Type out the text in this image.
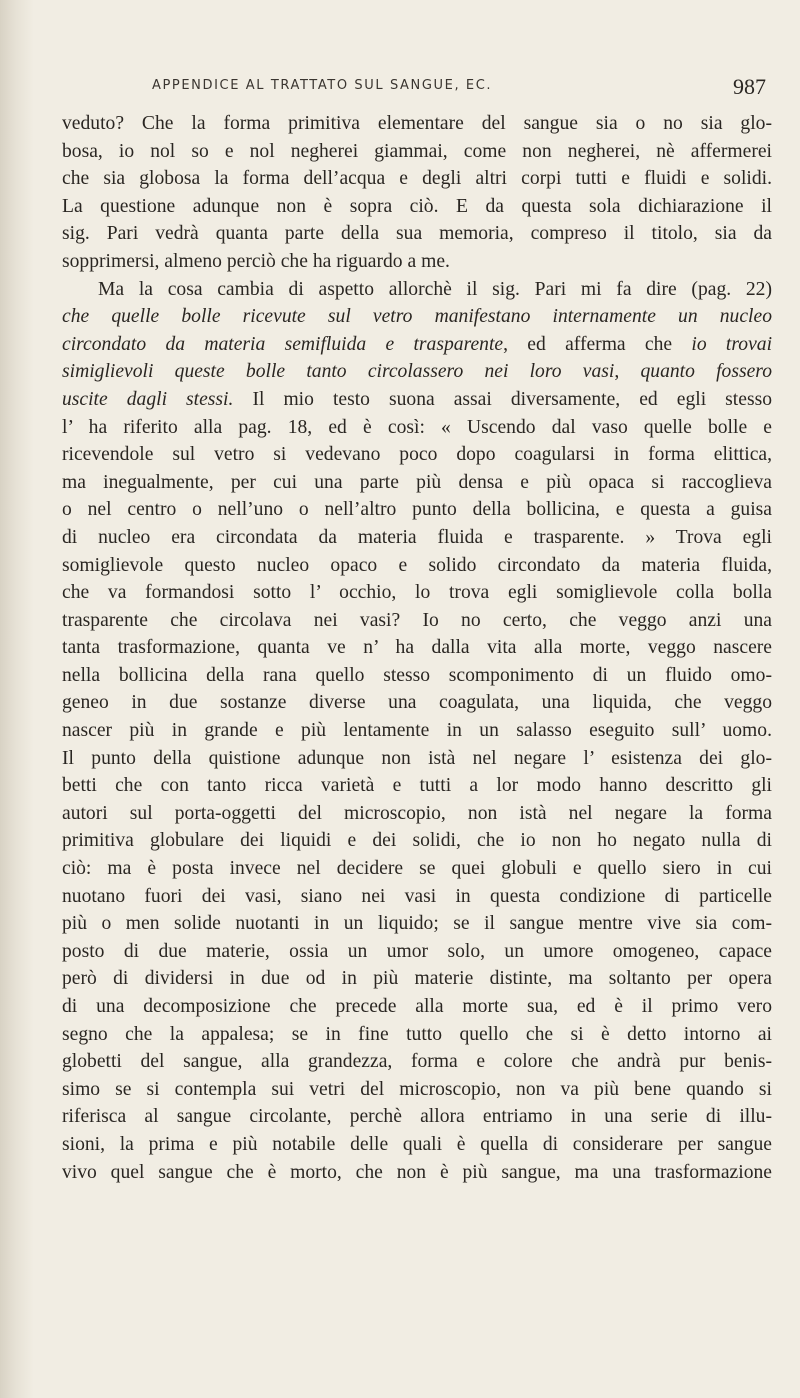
APPENDICE AL TRATTATO SUL SANGUE, EC.	987
veduto? Che la forma primitiva elementare del sangue sia o no sia glo-
bosa, io nol so e nol negherei giammai, come non negherei, nè affermerei
che sia globosa la forma dell’acqua e degli altri corpi tutti e fluidi e solidi.
La questione adunque non è sopra ciò. E da questa sola dichiarazione il
sig. Pari vedrà quanta parte della sua memoria, compreso il titolo, sia da
sopprimersi, almeno perciò che ha riguardo a me.
Ma la cosa cambia di aspetto allorchè il sig. Pari mi fa dire (pag. 22)
che quelle bolle ricevute sul vetro manifestano internamente un nucleo
circondato da materia semifluida e trasparente, ed afferma che io trovai
simiglievoli queste bolle tanto circolassero nei loro vasi, quanto fossero
uscite dagli stessi. Il mio testo suona assai diversamente, ed egli stesso
l’ ha riferito alla pag. 18, ed è così: « Uscendo dal vaso quelle bolle e
ricevendole sul vetro si vedevano poco dopo coagularsi in forma elittica,
ma inegualmente, per cui una parte più densa e più opaca si raccoglieva
o nel centro o nell’uno o nell’altro punto della bollicina, e questa a guisa
di nucleo era circondata da materia fluida e trasparente. » Trova egli
somiglievole questo nucleo opaco e solido circondato da materia fluida,
che va formandosi sotto l’ occhio, lo trova egli somiglievole colla bolla
trasparente che circolava nei vasi? Io no certo, che veggo anzi una
tanta trasformazione, quanta ve n’ ha dalla vita alla morte, veggo nascere
nella bollicina della rana quello stesso scomponimento di un fluido omo-
geneo in due sostanze diverse una coagulata, una liquida, che veggo
nascer più in grande e più lentamente in un salasso eseguito sull’ uomo.
Il punto della quistione adunque non istà nel negare l’ esistenza dei glo-
betti che con tanto ricca varietà e tutti a lor modo hanno descritto gli
autori sul porta-oggetti del microscopio, non istà nel negare la forma
primitiva globulare dei liquidi e dei solidi, che io non ho negato nulla di
ciò: ma è posta invece nel decidere se quei globuli e quello siero in cui
nuotano fuori dei vasi, siano nei vasi in questa condizione di particelle
più o men solide nuotanti in un liquido; se il sangue mentre vive sia com-
posto di due materie, ossia un umor solo, un umore omogeneo, capace
però di dividersi in due od in più materie distinte, ma soltanto per opera
di una decomposizione che precede alla morte sua, ed è il primo vero
segno che la appalesa; se in fine tutto quello che si è detto intorno ai
globetti del sangue, alla grandezza, forma e colore che andrà pur benis-
simo se si contempla sui vetri del microscopio, non va più bene quando si
riferisca al sangue circolante, perchè allora entriamo in una serie di illu-
sioni, la prima e più notabile delle quali è quella di considerare per sangue
vivo quel sangue che è morto, che non è più sangue, ma una trasformazione
